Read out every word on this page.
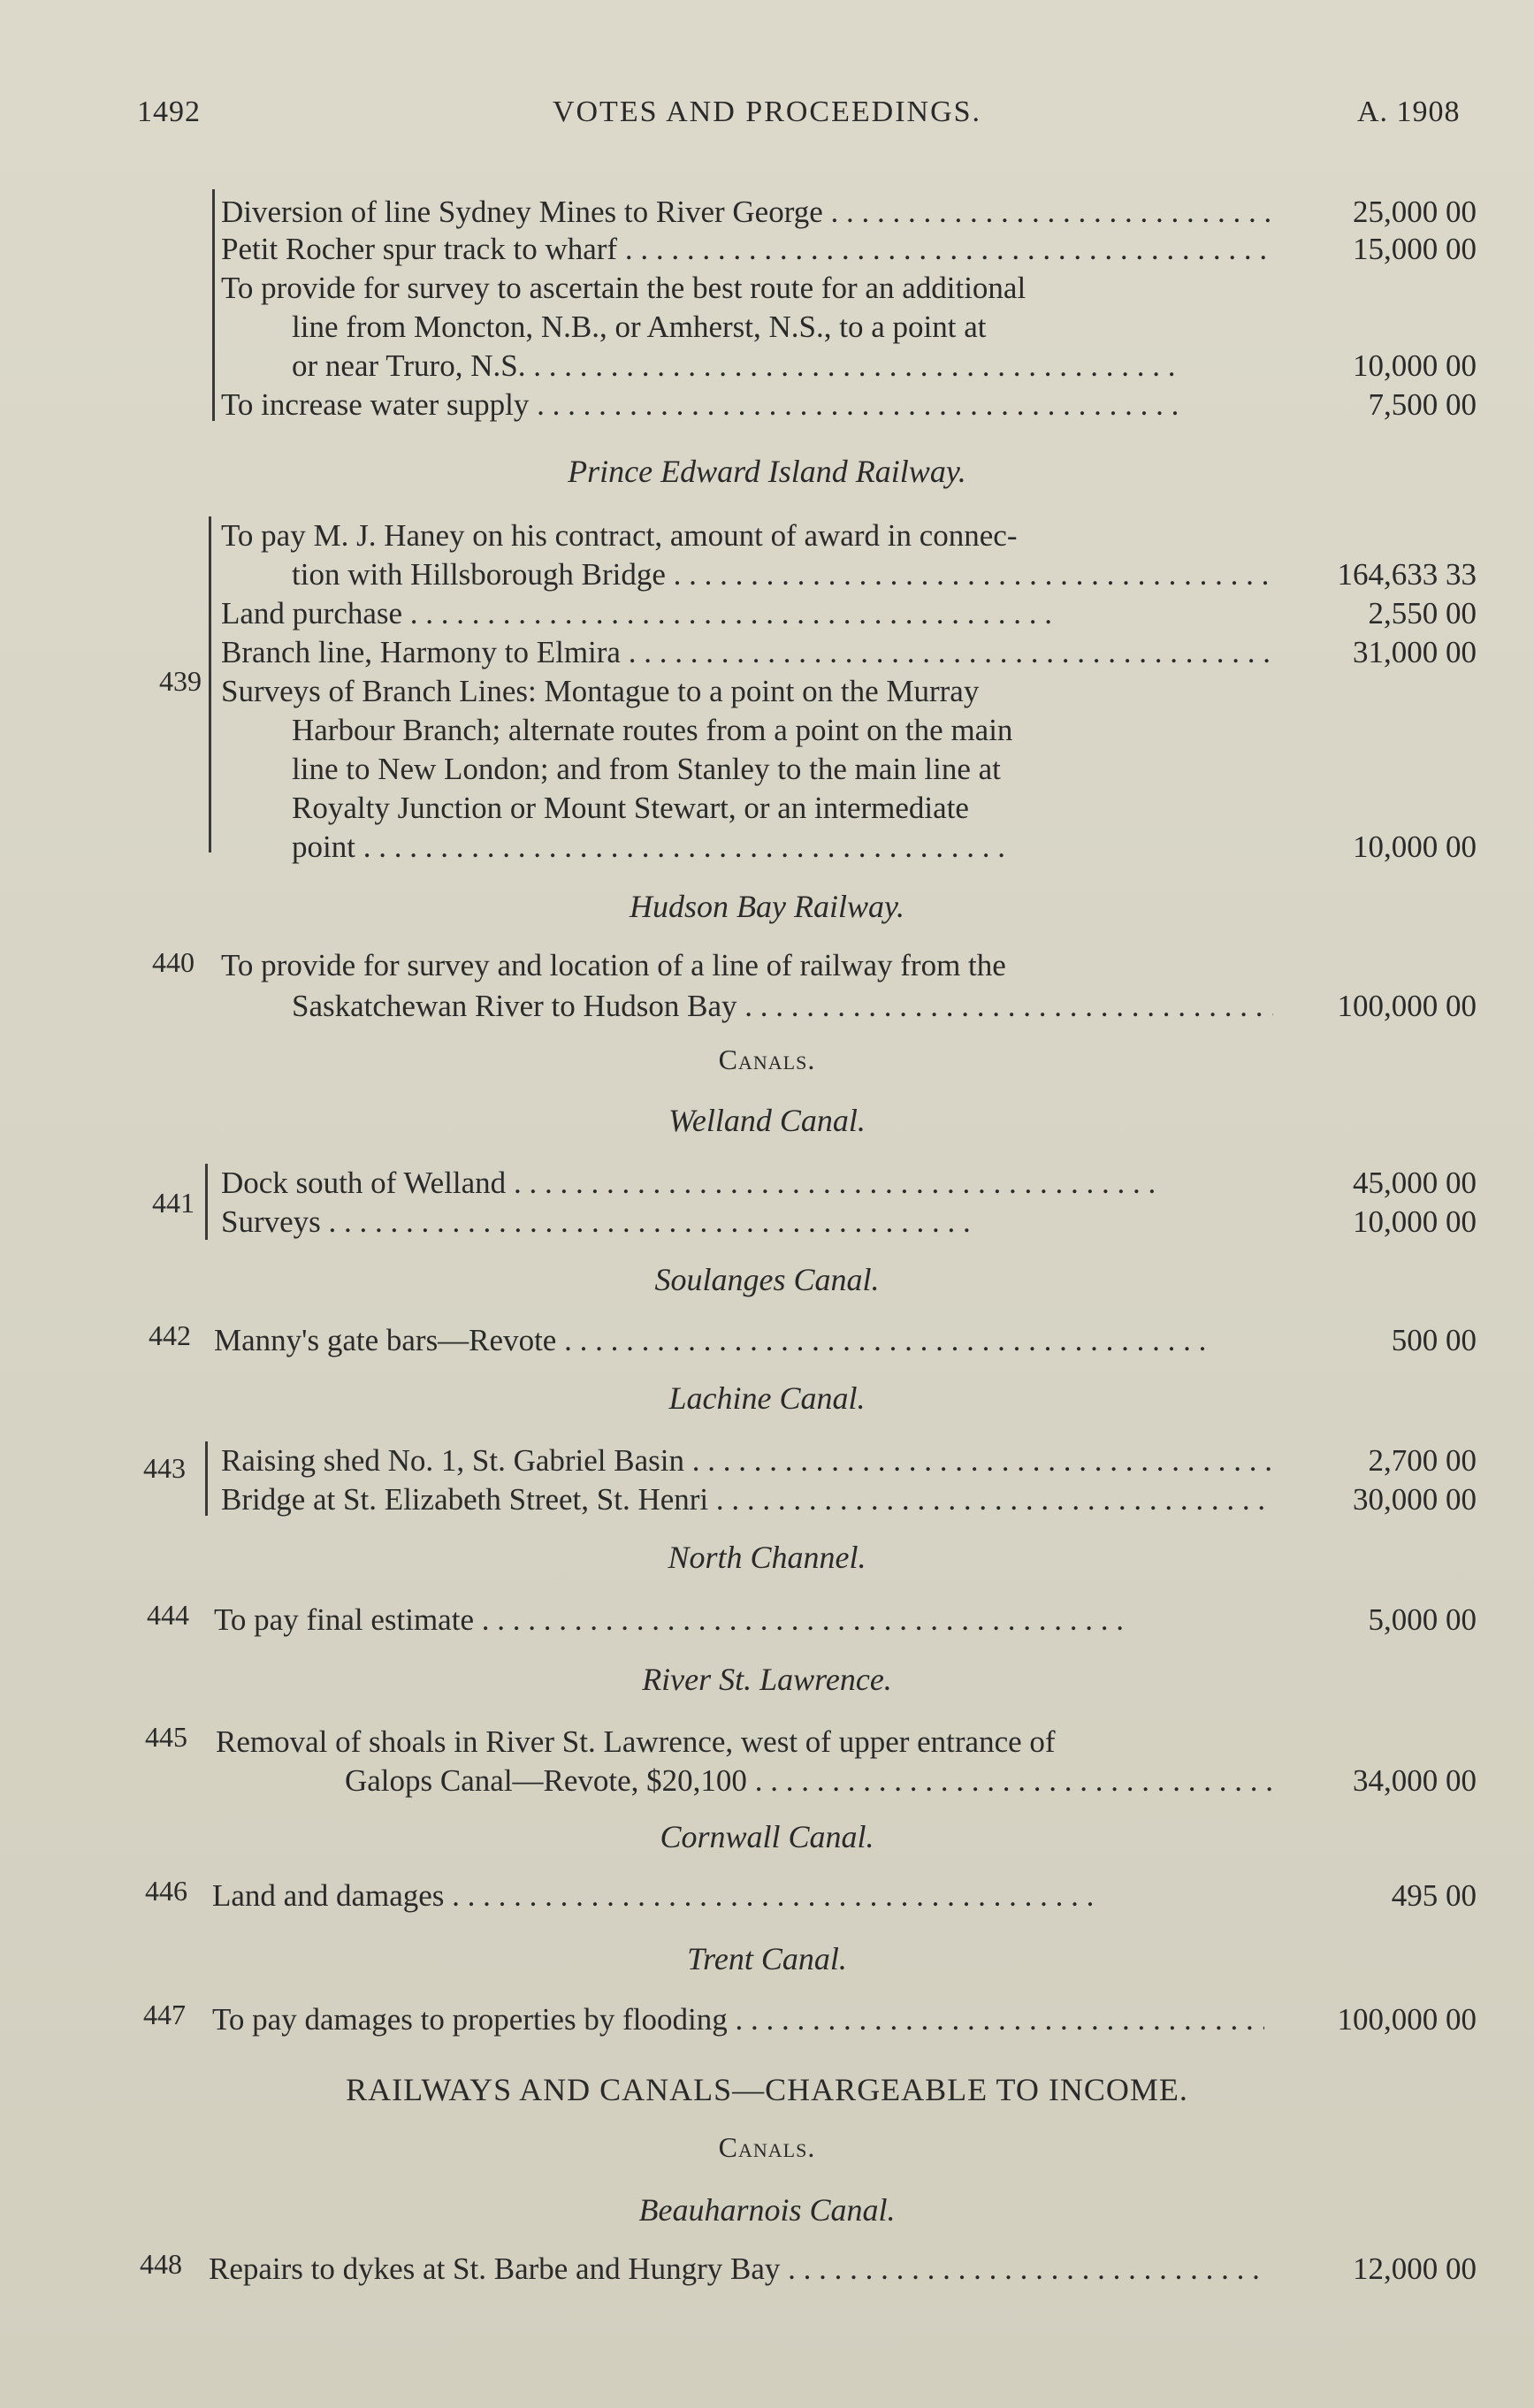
1492	VOTES AND PROCEEDINGS.	A. 1908
Diversion of line Sydney Mines to River George . . .	25,000 00
Petit Rocher spur track to wharf . . .	15,000 00
To provide for survey to ascertain the best route for an additional
line from Moncton, N.B., or Amherst, N.S., to a point at
or near Truro, N.S. . . .	10,000 00
To increase water supply . . .	7,500 00
Prince Edward Island Railway.
439
To pay M. J. Haney on his contract, amount of award in connec-
tion with Hillsborough Bridge . . .	164,633 33
Land purchase . . .	2,550 00
Branch line, Harmony to Elmira . . .	31,000 00
Surveys of Branch Lines: Montague to a point on the Murray
Harbour Branch; alternate routes from a point on the main
line to New London; and from Stanley to the main line at
Royalty Junction or Mount Stewart, or an intermediate
point . . .	10,000 00
Hudson Bay Railway.
440 To provide for survey and location of a line of railway from the
Saskatchewan River to Hudson Bay . . .	100,000 00
Canals.
Welland Canal.
441
Dock south of Welland . . .	45,000 00
Surveys . . .	10,000 00
Soulanges Canal.
442 Manny's gate bars—Revote . . .	500 00
Lachine Canal.
443 Raising shed No. 1, St. Gabriel Basin . . .	2,700 00
Bridge at St. Elizabeth Street, St. Henri . . .	30,000 00
North Channel.
444 To pay final estimate . . .	5,000 00
River St. Lawrence.
445 Removal of shoals in River St. Lawrence, west of upper entrance of
Galops Canal—Revote, $20,100 . . .	34,000 00
Cornwall Canal.
446 Land and damages . . .	495 00
Trent Canal.
447 To pay damages to properties by flooding . . .	100,000 00
RAILWAYS AND CANALS—CHARGEABLE TO INCOME.
Canals.
Beauharnois Canal.
448 Repairs to dykes at St. Barbe and Hungry Bay . . .	12,000 00
